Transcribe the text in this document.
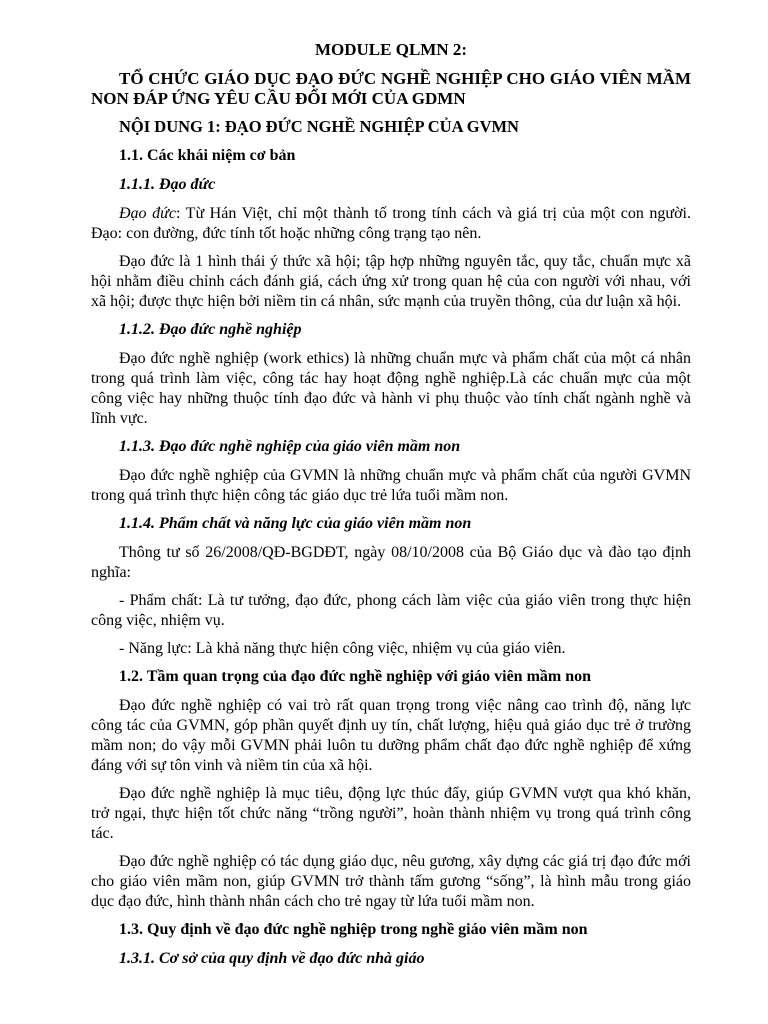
MODULE QLMN 2:

TỔ CHỨC GIÁO DỤC ĐẠO ĐỨC NGHỀ NGHIỆP CHO GIÁO VIÊN MẦM NON ĐÁP ỨNG YÊU CẦU ĐỔI MỚI CỦA GDMN

NỘI DUNG 1: ĐẠO ĐỨC NGHỀ NGHIỆP CỦA GVMN

1.1. Các khái niệm cơ bản

1.1.1. Đạo đức

Đạo đức: Từ Hán Việt, chỉ một thành tố trong tính cách và giá trị của một con người. Đạo: con đường, đức tính tốt hoặc những công trạng tạo nên.

Đạo đức là 1 hình thái ý thức xã hội; tập hợp những nguyên tắc, quy tắc, chuẩn mực xã hội nhằm điều chỉnh cách đánh giá, cách ứng xử trong quan hệ của con người với nhau, với xã hội; được thực hiện bởi niềm tin cá nhân, sức mạnh của truyền thông, của dư luận xã hội.

1.1.2. Đạo đức nghề nghiệp

Đạo đức nghề nghiệp (work ethics) là những chuẩn mực và phẩm chất của một cá nhân trong quá trình làm việc, công tác hay hoạt động nghề nghiệp.Là các chuẩn mực của một công việc hay những thuộc tính đạo đức và hành vi phụ thuộc vào tính chất ngành nghề và lĩnh vực.

1.1.3. Đạo đức nghề nghiệp của giáo viên mầm non

Đạo đức nghề nghiệp của GVMN là những chuẩn mực và phẩm chất của người GVMN trong quá trình thực hiện công tác giáo dục trẻ lứa tuổi mầm non.

1.1.4. Phẩm chất và năng lực của giáo viên mầm non

Thông tư số 26/2008/QĐ-BGDĐT, ngày 08/10/2008 của Bộ Giáo dục và đào tạo định nghĩa:

- Phẩm chất: Là tư tưởng, đạo đức, phong cách làm việc của giáo viên trong thực hiện công việc, nhiệm vụ.

- Năng lực: Là khả năng thực hiện công việc, nhiệm vụ của giáo viên.

1.2. Tầm quan trọng của đạo đức nghề nghiệp với giáo viên mầm non

Đạo đức nghề nghiệp có vai trò rất quan trọng trong việc nâng cao trình độ, năng lực công tác của GVMN, góp phần quyết định uy tín, chất lượng, hiệu quả giáo dục trẻ ở trường mầm non; do vậy mỗi GVMN phải luôn tu dưỡng phẩm chất đạo đức nghề nghiệp để xứng đáng với sự tôn vinh và niềm tin của xã hội.

Đạo đức nghề nghiệp là mục tiêu, động lực thúc đẩy, giúp GVMN vượt qua khó khăn, trở ngại, thực hiện tốt chức năng “trồng người”, hoàn thành nhiệm vụ trong quá trình công tác.

Đạo đức nghề nghiệp có tác dụng giáo dục, nêu gương, xây dựng các giá trị đạo đức mới cho giáo viên mầm non, giúp GVMN trở thành tấm gương “sống”, là hình mẫu trong giáo dục đạo đức, hình thành nhân cách cho trẻ ngay từ lứa tuổi mầm non.

1.3. Quy định về đạo đức nghề nghiệp trong nghề giáo viên mầm non

1.3.1. Cơ sở của quy định về đạo đức nhà giáo
